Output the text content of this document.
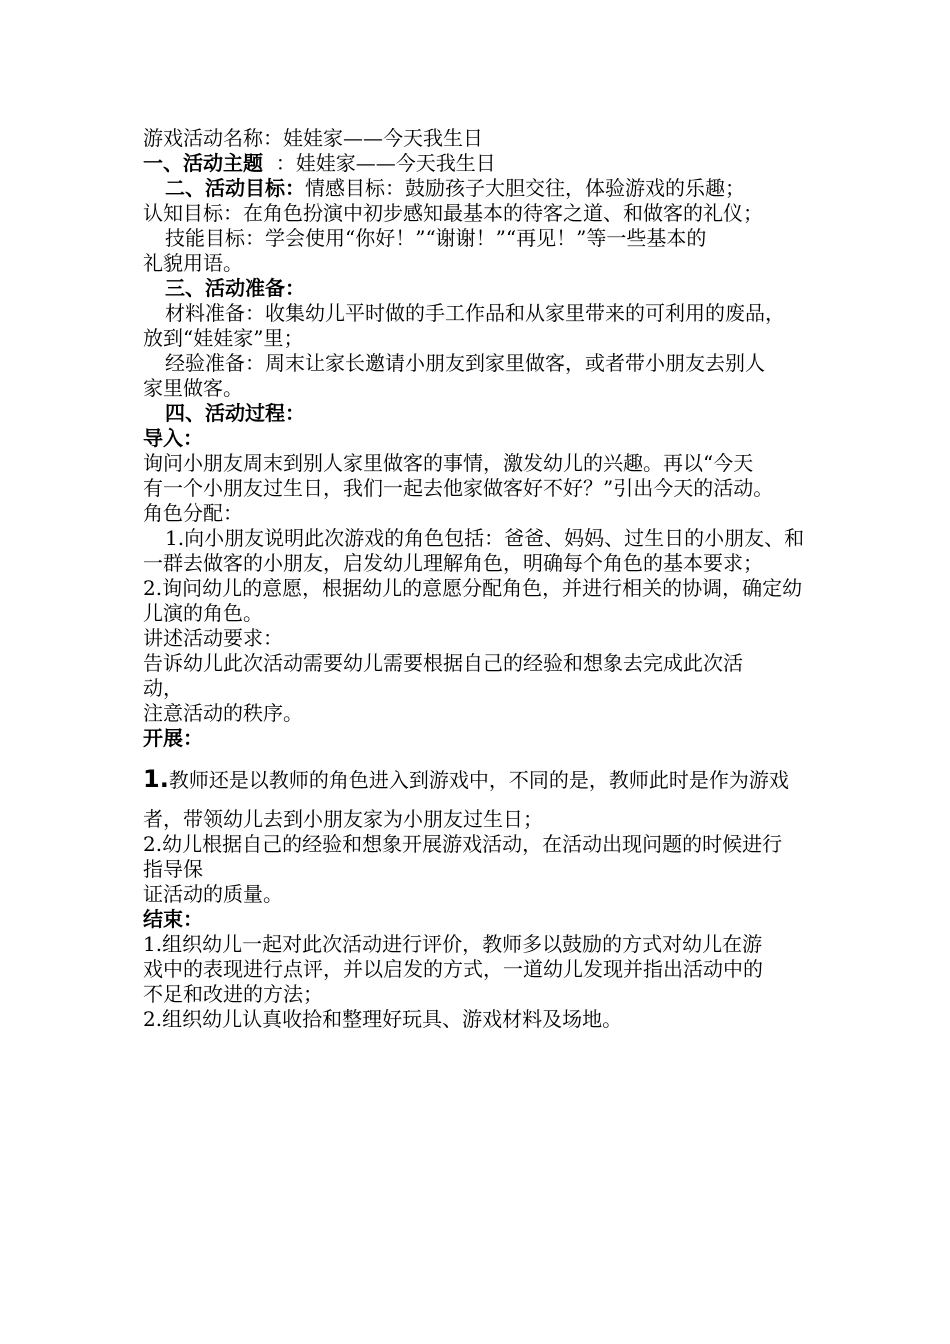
游戏活动名称：娃娃家——今天我生日
一、活动主题  ：娃娃家——今天我生日
二、活动目标：情感目标：鼓励孩子大胆交往，体验游戏的乐趣；
认知目标：在角色扮演中初步感知最基本的待客之道、和做客的礼仪；
技能目标：学会使用“你好！”“谢谢！”“再见！”等一些基本的
礼貌用语。
三、活动准备：
材料准备：收集幼儿平时做的手工作品和从家里带来的可利用的废品，
放到“娃娃家”里；
经验准备：周末让家长邀请小朋友到家里做客，或者带小朋友去别人
家里做客。
四、活动过程：
导入：
询问小朋友周末到别人家里做客的事情，激发幼儿的兴趣。再以“今天
有一个小朋友过生日，我们一起去他家做客好不好？”引出今天的活动。
角色分配：
1.向小朋友说明此次游戏的角色包括：爸爸、妈妈、过生日的小朋友、和
一群去做客的小朋友，启发幼儿理解角色，明确每个角色的基本要求；
2.询问幼儿的意愿，根据幼儿的意愿分配角色，并进行相关的协调，确定幼
儿演的角色。
讲述活动要求：
告诉幼儿此次活动需要幼儿需要根据自己的经验和想象去完成此次活
动，
注意活动的秩序。
开展：
1.教师还是以教师的角色进入到游戏中，不同的是，教师此时是作为游戏
者，带领幼儿去到小朋友家为小朋友过生日；
2.幼儿根据自己的经验和想象开展游戏活动，在活动出现问题的时候进行
指导保
证活动的质量。
结束：
1.组织幼儿一起对此次活动进行评价，教师多以鼓励的方式对幼儿在游
戏中的表现进行点评，并以启发的方式，一道幼儿发现并指出活动中的
不足和改进的方法；
2.组织幼儿认真收拾和整理好玩具、游戏材料及场地。
